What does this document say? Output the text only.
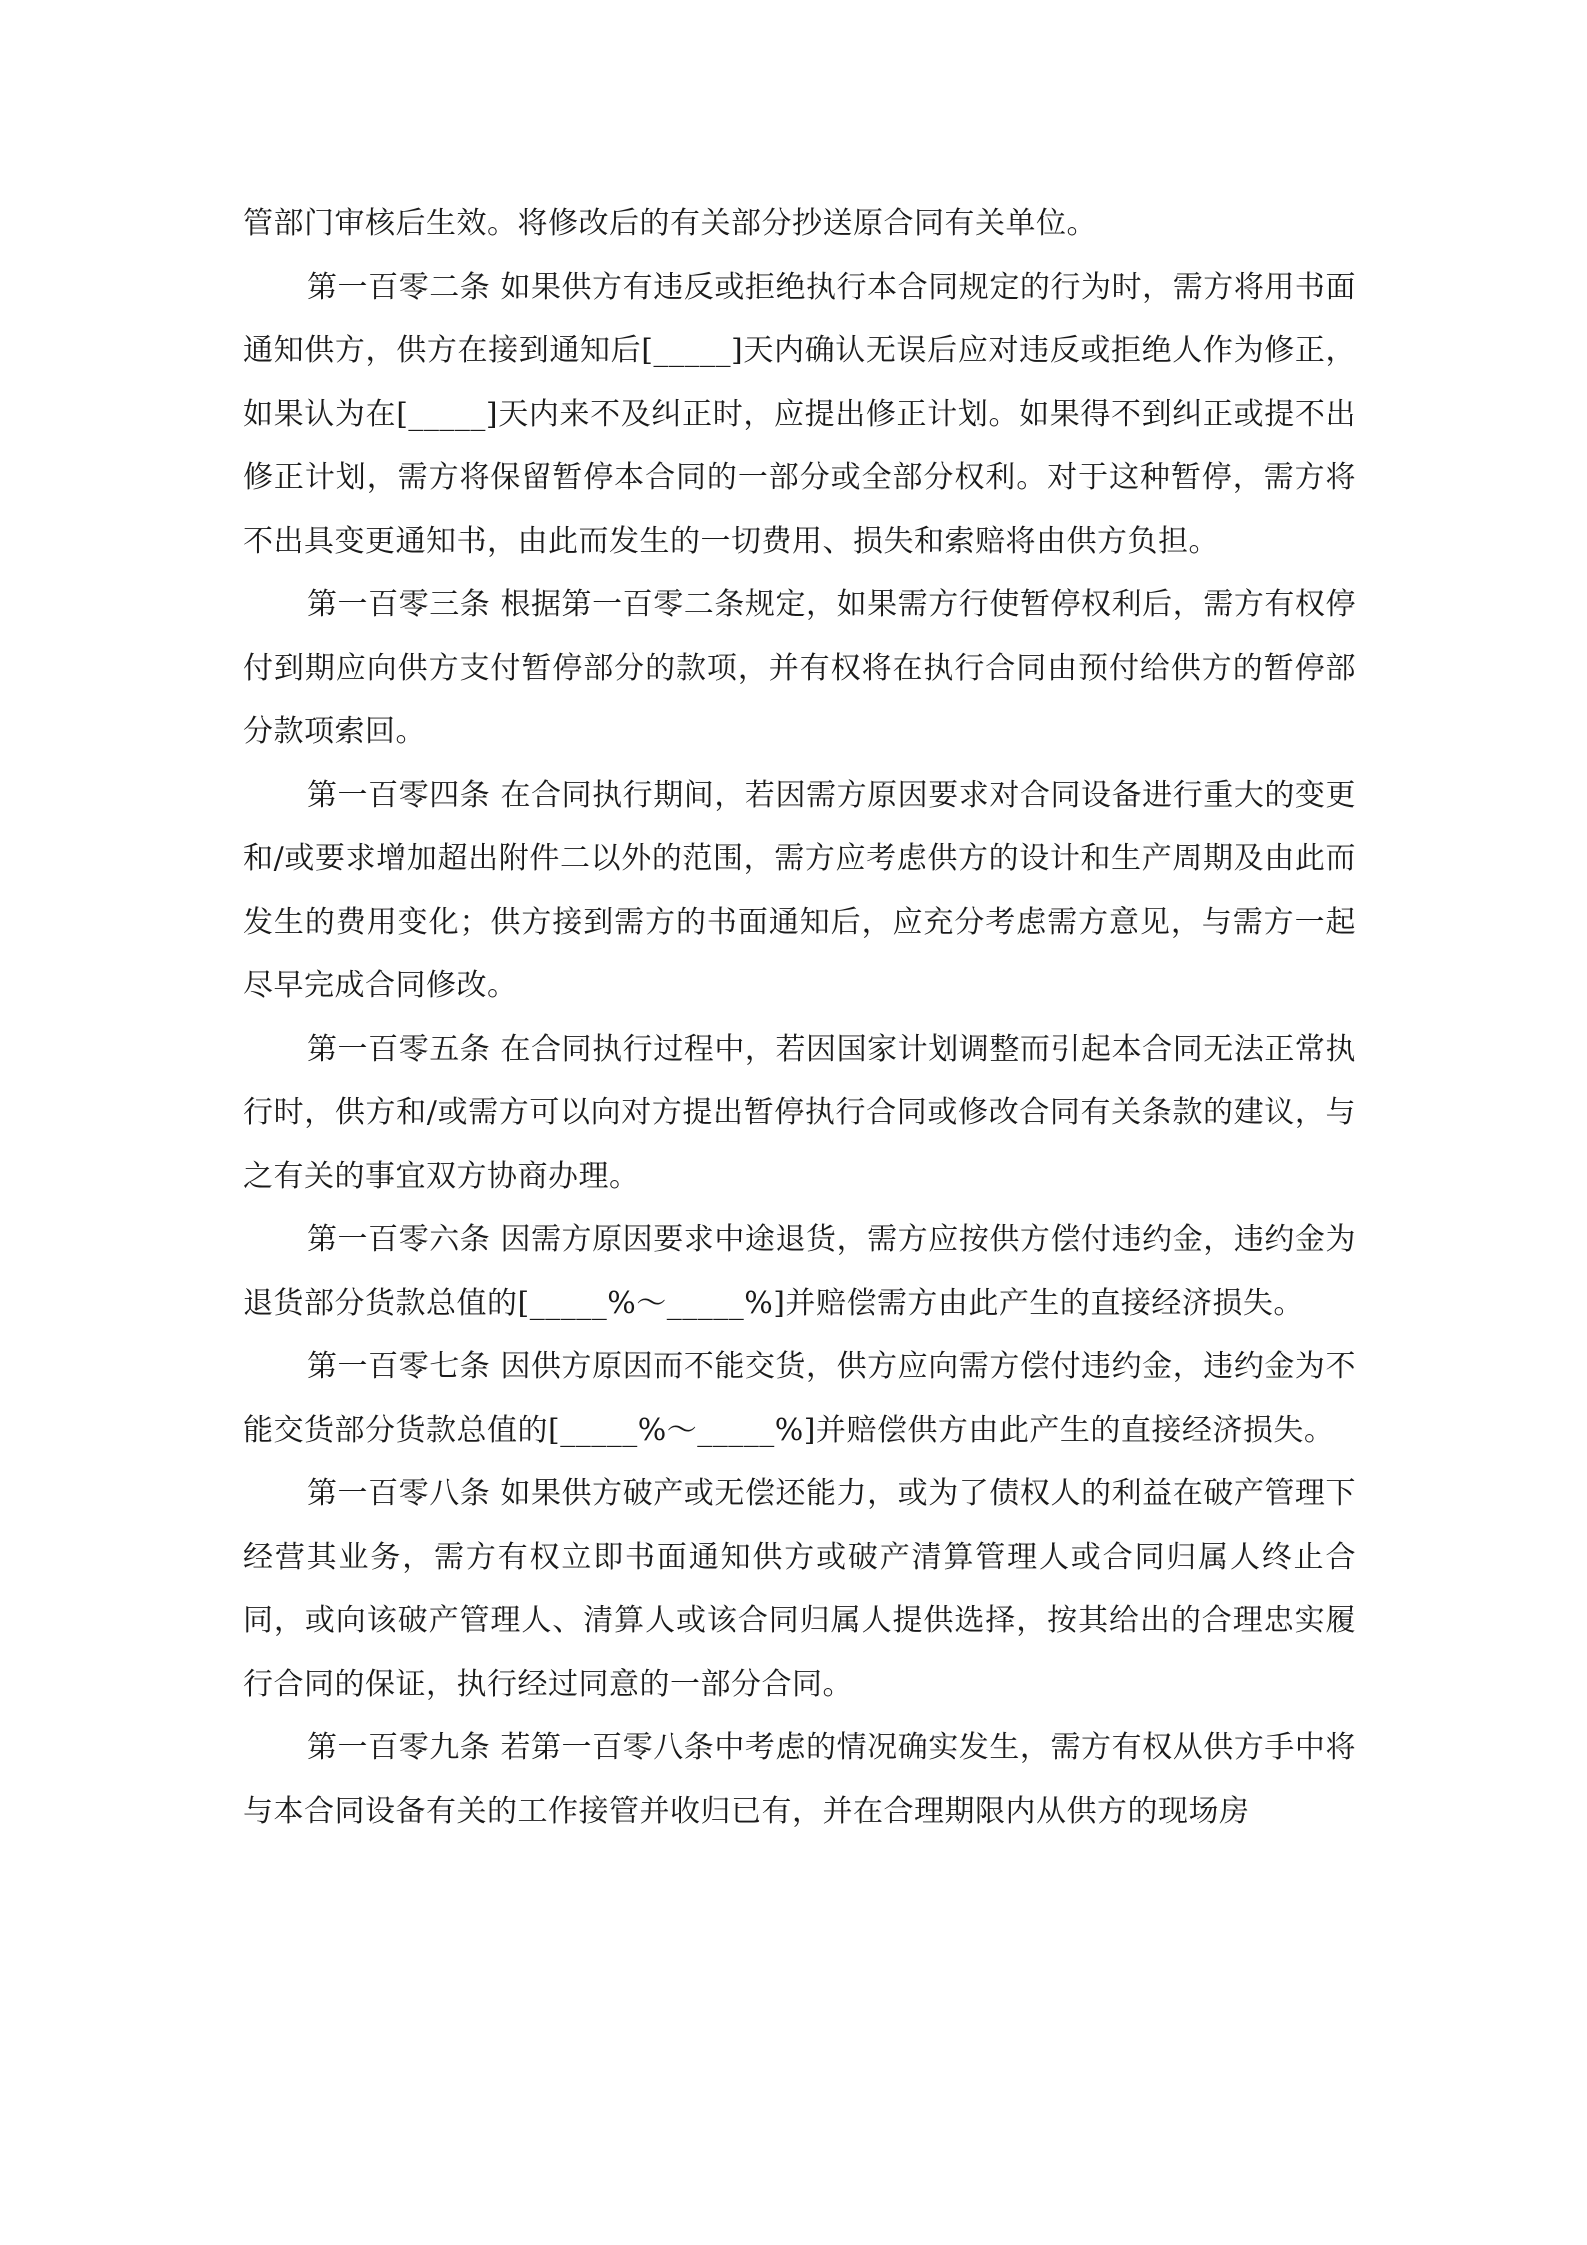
管部门审核后生效。将修改后的有关部分抄送原合同有关单位。

第一百零二条 如果供方有违反或拒绝执行本合同规定的行为时，需方将用书面通知供方，供方在接到通知后[_____]天内确认无误后应对违反或拒绝人作为修正，如果认为在[_____]天内来不及纠正时，应提出修正计划。如果得不到纠正或提不出修正计划，需方将保留暂停本合同的一部分或全部分权利。对于这种暂停，需方将不出具变更通知书，由此而发生的一切费用、损失和索赔将由供方负担。

第一百零三条 根据第一百零二条规定，如果需方行使暂停权利后，需方有权停付到期应向供方支付暂停部分的款项，并有权将在执行合同由预付给供方的暂停部分款项索回。

第一百零四条 在合同执行期间，若因需方原因要求对合同设备进行重大的变更和/或要求增加超出附件二以外的范围，需方应考虑供方的设计和生产周期及由此而发生的费用变化；供方接到需方的书面通知后，应充分考虑需方意见，与需方一起尽早完成合同修改。

第一百零五条 在合同执行过程中，若因国家计划调整而引起本合同无法正常执行时，供方和/或需方可以向对方提出暂停执行合同或修改合同有关条款的建议，与之有关的事宜双方协商办理。

第一百零六条 因需方原因要求中途退货，需方应按供方偿付违约金，违约金为退货部分货款总值的[_____%～_____%]并赔偿需方由此产生的直接经济损失。

第一百零七条 因供方原因而不能交货，供方应向需方偿付违约金，违约金为不能交货部分货款总值的[_____%～_____%]并赔偿供方由此产生的直接经济损失。

第一百零八条 如果供方破产或无偿还能力，或为了债权人的利益在破产管理下经营其业务，需方有权立即书面通知供方或破产清算管理人或合同归属人终止合同，或向该破产管理人、清算人或该合同归属人提供选择，按其给出的合理忠实履行合同的保证，执行经过同意的一部分合同。

第一百零九条 若第一百零八条中考虑的情况确实发生，需方有权从供方手中将与本合同设备有关的工作接管并收归已有，并在合理期限内从供方的现场房
